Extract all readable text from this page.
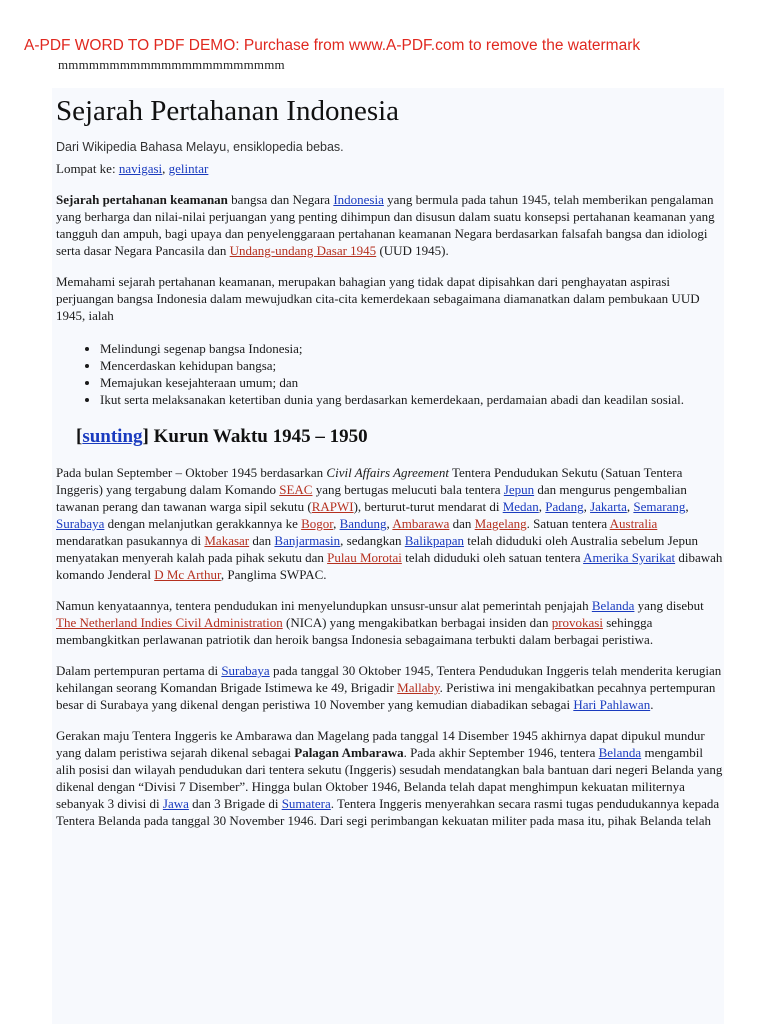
A-PDF WORD TO PDF DEMO: Purchase from www.A-PDF.com to remove the watermark
mmmmmmmmmmmmmmmmmmmmmm
Sejarah Pertahanan Indonesia
Dari Wikipedia Bahasa Melayu, ensiklopedia bebas.

Lompat ke: navigasi, gelintar

Sejarah pertahanan keamanan bangsa dan Negara Indonesia yang bermula pada tahun 1945, telah memberikan pengalaman yang berharga dan nilai-nilai perjuangan yang penting dihimpun dan disusun dalam suatu konsepsi pertahanan keamanan yang tangguh dan ampuh, bagi upaya dan penyelenggaraan pertahanan keamanan Negara berdasarkan falsafah bangsa dan idiologi serta dasar Negara Pancasila dan Undang-undang Dasar 1945 (UUD 1945).

Memahami sejarah pertahanan keamanan, merupakan bahagian yang tidak dapat dipisahkan dari penghayatan aspirasi perjuangan bangsa Indonesia dalam mewujudkan cita-cita kemerdekaan sebagaimana diamanatkan dalam pembukaan UUD 1945, ialah

• Melindungi segenap bangsa Indonesia;
• Mencerdaskan kehidupan bangsa;
• Memajukan kesejahteraan umum; dan
• Ikut serta melaksanakan ketertiban dunia yang berdasarkan kemerdekaan, perdamaian abadi dan keadilan sosial.
[sunting] Kurun Waktu 1945 – 1950

Pada bulan September – Oktober 1945 berdasarkan Civil Affairs Agreement Tentera Pendudukan Sekutu (Satuan Tentera Inggeris) yang tergabung dalam Komando SEAC yang bertugas melucuti bala tentera Jepun dan mengurus pengembalian tawanan perang dan tawanan warga sipil sekutu (RAPWI), berturut-turut mendarat di Medan, Padang, Jakarta, Semarang, Surabaya dengan melanjutkan gerakkannya ke Bogor, Bandung, Ambarawa dan Magelang. Satuan tentera Australia mendaratkan pasukannya di Makasar dan Banjarmasin, sedangkan Balikpapan telah diduduki oleh Australia sebelum Jepun menyatakan menyerah kalah pada pihak sekutu dan Pulau Morotai telah diduduki oleh satuan tentera Amerika Syarikat dibawah komando Jenderal D Mc Arthur, Panglima SWPAC.

Namun kenyataannya, tentera pendudukan ini menyelundupkan unsusr-unsur alat pemerintah penjajah Belanda yang disebut The Netherland Indies Civil Administration (NICA) yang mengakibatkan berbagai insiden dan provokasi sehingga membangkitkan perlawanan patriotik dan heroik bangsa Indonesia sebagaimana terbukti dalam berbagai peristiwa.

Dalam pertempuran pertama di Surabaya pada tanggal 30 Oktober 1945, Tentera Pendudukan Inggeris telah menderita kerugian kehilangan seorang Komandan Brigade Istimewa ke 49, Brigadir Mallaby. Peristiwa ini mengakibatkan pecahnya pertempuran besar di Surabaya yang dikenal dengan peristiwa 10 November yang kemudian diabadikan sebagai Hari Pahlawan.

Gerakan maju Tentera Inggeris ke Ambarawa dan Magelang pada tanggal 14 Disember 1945 akhirnya dapat dipukul mundur yang dalam peristiwa sejarah dikenal sebagai Palagan Ambarawa. Pada akhir September 1946, tentera Belanda mengambil alih posisi dan wilayah pendudukan dari tentera sekutu (Inggeris) sesudah mendatangkan bala bantuan dari negeri Belanda yang dikenal dengan “Divisi 7 Disember”. Hingga bulan Oktober 1946, Belanda telah dapat menghimpun kekuatan militernya sebanyak 3 divisi di Jawa dan 3 Brigade di Sumatera. Tentera Inggeris menyerahkan secara rasmi tugas pendudukannya kepada Tentera Belanda pada tanggal 30 November 1946. Dari segi perimbangan kekuatan militer pada masa itu, pihak Belanda telah
